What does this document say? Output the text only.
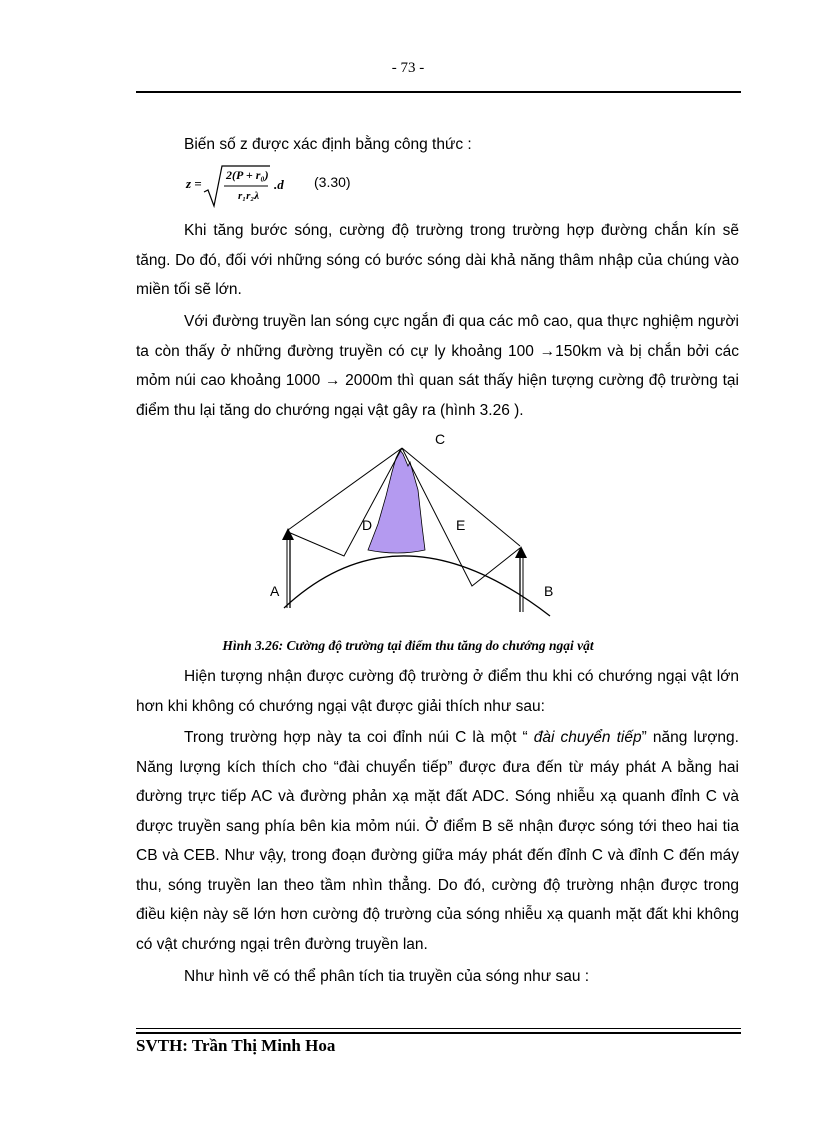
- 73 -

Biến số z được xác định bằng công thức :

z =
2(P + r₀)
r₁r₂λ
.d (3.30)

Khi tăng bước sóng, cường độ trường trong trường hợp đường chắn kín sẽ tăng. Do đó, đối với những sóng có bước sóng dài khả năng thâm nhập của chúng vào miền tối sẽ lớn.

Với đường truyền lan sóng cực ngắn đi qua các mô cao, qua thực nghiệm người ta còn thấy ở những đường truyền có cự ly khoảng 100 →150km và bị chắn bởi các mỏm núi cao khoảng 1000 → 2000m thì quan sát thấy hiện tượng cường độ trường tại điểm thu lại tăng do chướng ngại vật gây ra (hình 3.26 ).

C
D	E
A	B
Hình 3.26: Cường độ trường tại điểm thu tăng do chướng ngại vật

Hiện tượng nhận được cường độ trường ở điểm thu khi có chướng ngại vật lớn hơn khi không có chướng ngại vật được giải thích như sau:

Trong trường hợp này ta coi đỉnh núi C là một “ đài chuyển tiếp” năng lượng. Năng lượng kích thích cho “đài chuyển tiếp” được đưa đến từ máy phát A bằng hai đường trực tiếp AC và đường phản xạ mặt đất ADC. Sóng nhiễu xạ quanh đỉnh C và được truyền sang phía bên kia mỏm núi. Ở điểm B sẽ nhận được sóng tới theo hai tia CB và CEB. Như vậy, trong đoạn đường giữa máy phát đến đỉnh C và đỉnh C đến máy thu, sóng truyền lan theo tầm nhìn thẳng. Do đó, cường độ trường nhận được trong điều kiện này sẽ lớn hơn cường độ trường của sóng nhiễu xạ quanh mặt đất khi không có vật chướng ngại trên đường truyền lan.

Như hình vẽ có thể phân tích tia truyền của sóng như sau :

SVTH: Trần Thị Minh Hoa
